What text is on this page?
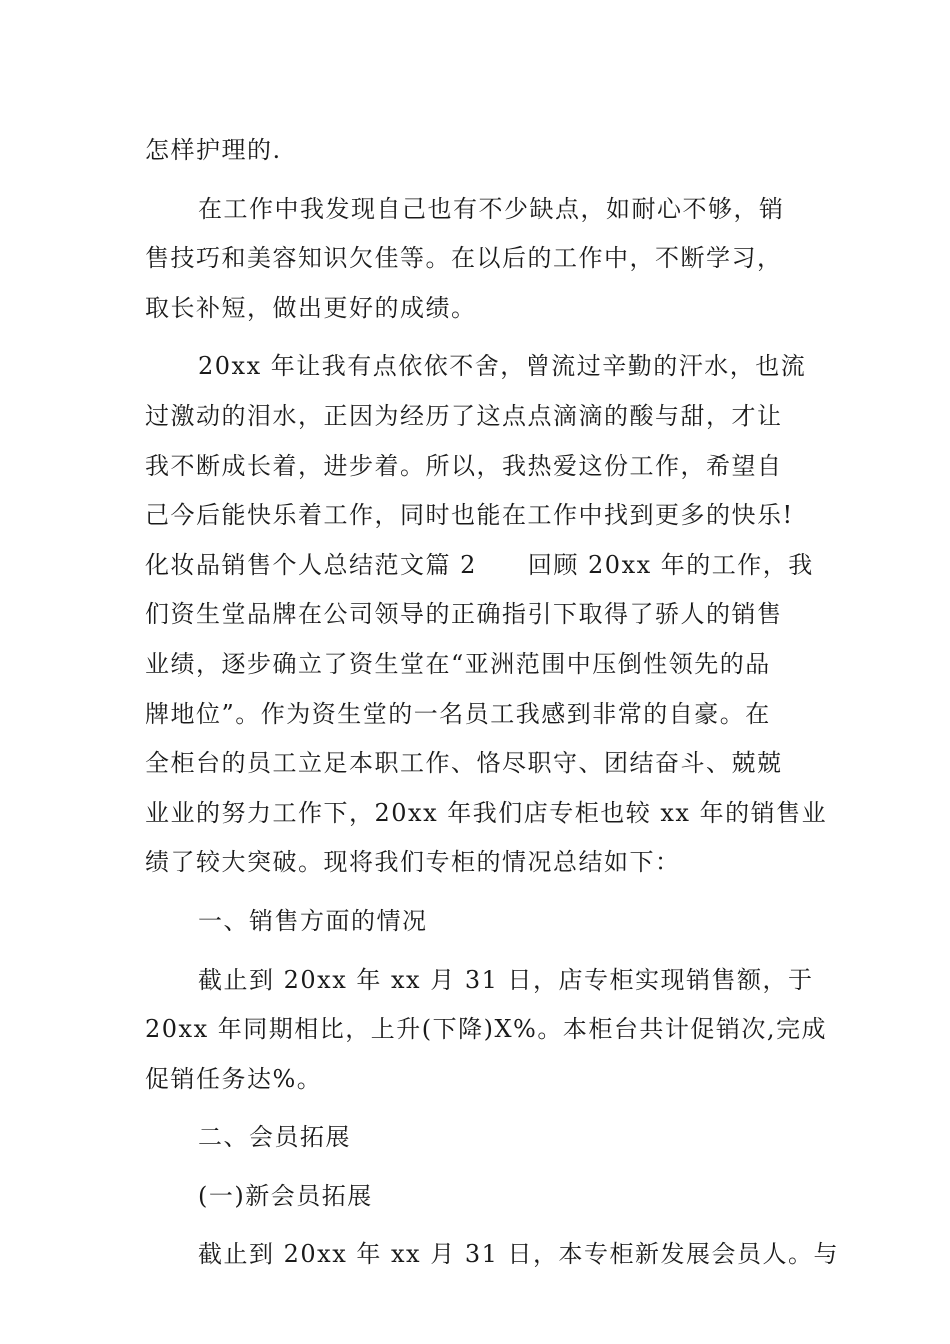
怎样护理的.
在工作中我发现自己也有不少缺点，如耐心不够，销
售技巧和美容知识欠佳等。在以后的工作中，不断学习，
取长补短，做出更好的成绩。
20xx 年让我有点依依不舍，曾流过辛勤的汗水，也流
过激动的泪水，正因为经历了这点点滴滴的酸与甜，才让
我不断成长着，进步着。所以，我热爱这份工作，希望自
己今后能快乐着工作，同时也能在工作中找到更多的快乐!
化妆品销售个人总结范文篇 2　　回顾 20xx 年的工作，我
们资生堂品牌在公司领导的正确指引下取得了骄人的销售
业绩，逐步确立了资生堂在“亚洲范围中压倒性领先的品
牌地位”。作为资生堂的一名员工我感到非常的自豪。在
全柜台的员工立足本职工作、恪尽职守、团结奋斗、兢兢
业业的努力工作下，20xx 年我们店专柜也较 xx 年的销售业
绩了较大突破。现将我们专柜的情况总结如下：
一、销售方面的情况
截止到 20xx 年 xx 月 31 日，店专柜实现销售额，于
20xx 年同期相比，上升(下降)X%。本柜台共计促销次,完成
促销任务达%。
二、会员拓展
(一)新会员拓展
截止到 20xx 年 xx 月 31 日，本专柜新发展会员人。与
